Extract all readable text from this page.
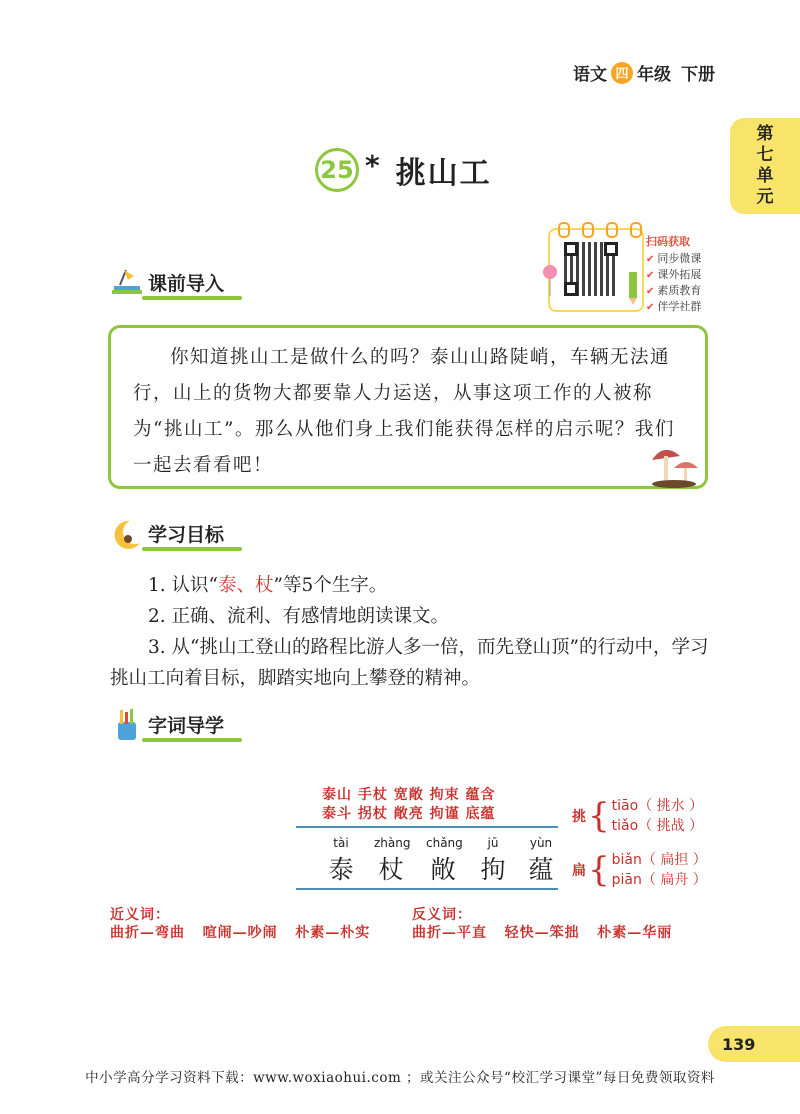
语文 四 年级 下册
第
七
单
元
25 * 挑山工
扫码获取
✔ 同步微课
✔ 课外拓展
✔ 素质教育
✔ 伴学社群
课前导入

你知道挑山工是做什么的吗？泰山山路陡峭，车辆无法通行，山上的货物大都要靠人力运送，从事这项工作的人被称为“挑山工”。那么从他们身上我们能获得怎样的启示呢？我们一起去看看吧！

学习目标

1. 认识“泰、杖”等5个生字。

2. 正确、流利、有感情地朗读课文。

3. 从“挑山工登山的路程比游人多一倍，而先登山顶”的行动中，学习挑山工向着目标，脚踏实地向上攀登的精神。

字词导学
泰山 手杖 宽敞 拘束 蕴含
泰斗 拐杖 敞亮 拘谨 底蕴
tài
泰
zhàng
杖
chǎng
敞
jū
拘
yùn
蕴
挑 { tiāo（ 挑水 ）
tiǎo（ 挑战 ）
扁 { biǎn（ 扁担 ）
piān（ 扁舟 ）
近义词：
曲折—弯曲   喧闹—吵闹   朴素—朴实
反义词：
曲折—平直   轻快—笨拙   朴素—华丽
139
中小学高分学习资料下载：www.woxiaohui.com ；或关注公众号“校汇学习课堂”每日免费领取资料
